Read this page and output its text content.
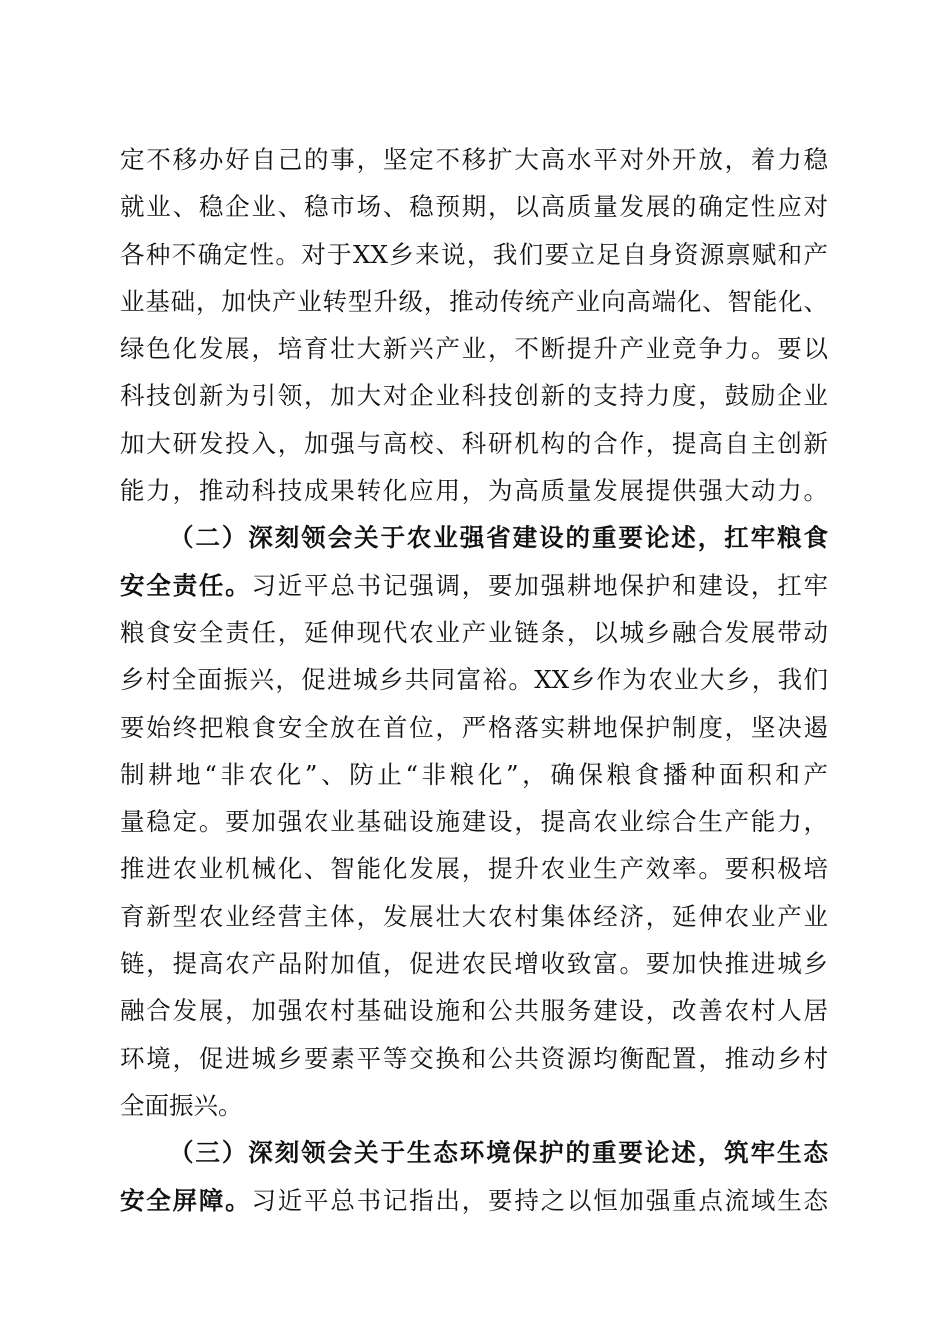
定不移办好自己的事，坚定不移扩大高水平对外开放，着力稳
就业、稳企业、稳市场、稳预期，以高质量发展的确定性应对
各种不确定性。对于XX乡来说，我们要立足自身资源禀赋和产
业基础，加快产业转型升级，推动传统产业向高端化、智能化、
绿色化发展，培育壮大新兴产业，不断提升产业竞争力。要以
科技创新为引领，加大对企业科技创新的支持力度，鼓励企业
加大研发投入，加强与高校、科研机构的合作，提高自主创新
能力，推动科技成果转化应用，为高质量发展提供强大动力。
（二）深刻领会关于农业强省建设的重要论述，扛牢粮食
安全责任。习近平总书记强调，要加强耕地保护和建设，扛牢
粮食安全责任，延伸现代农业产业链条，以城乡融合发展带动
乡村全面振兴，促进城乡共同富裕。XX乡作为农业大乡，我们
要始终把粮食安全放在首位，严格落实耕地保护制度，坚决遏
制耕地“非农化”、防止“非粮化”，确保粮食播种面积和产
量稳定。要加强农业基础设施建设，提高农业综合生产能力，
推进农业机械化、智能化发展，提升农业生产效率。要积极培
育新型农业经营主体，发展壮大农村集体经济，延伸农业产业
链，提高农产品附加值，促进农民增收致富。要加快推进城乡
融合发展，加强农村基础设施和公共服务建设，改善农村人居
环境，促进城乡要素平等交换和公共资源均衡配置，推动乡村
全面振兴。
（三）深刻领会关于生态环境保护的重要论述，筑牢生态
安全屏障。习近平总书记指出，要持之以恒加强重点流域生态
